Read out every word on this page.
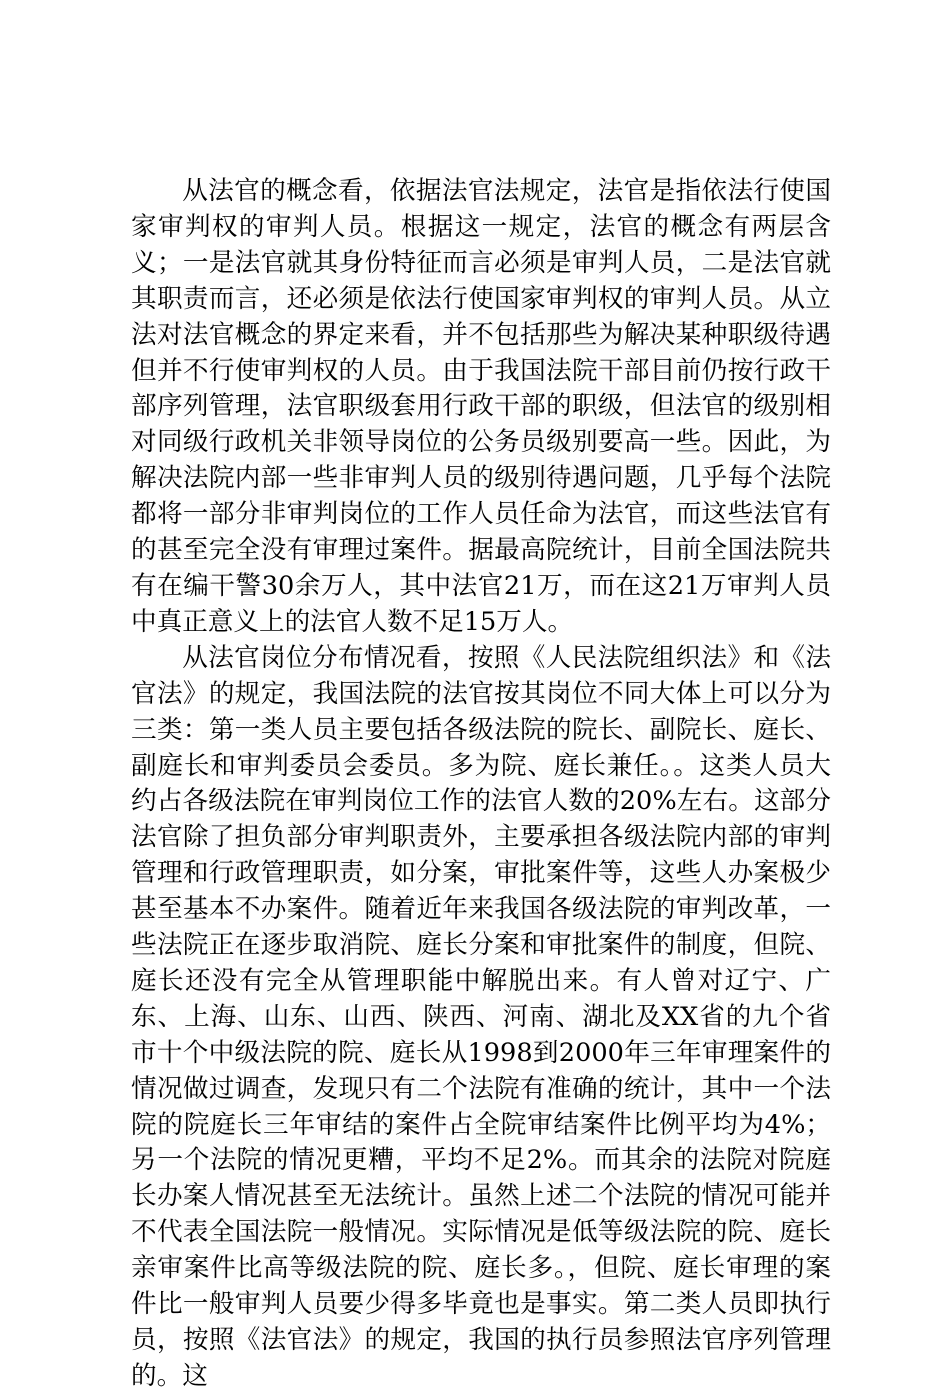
从法官的概念看，依据法官法规定，法官是指依法行使国家审判权的审判人员。根据这一规定，法官的概念有两层含义；一是法官就其身份特征而言必须是审判人员，二是法官就其职责而言，还必须是依法行使国家审判权的审判人员。从立法对法官概念的界定来看，并不包括那些为解决某种职级待遇但并不行使审判权的人员。由于我国法院干部目前仍按行政干部序列管理，法官职级套用行政干部的职级，但法官的级别相对同级行政机关非领导岗位的公务员级别要高一些。因此，为解决法院内部一些非审判人员的级别待遇问题，几乎每个法院都将一部分非审判岗位的工作人员任命为法官，而这些法官有的甚至完全没有审理过案件。据最高院统计，目前全国法院共有在编干警30余万人，其中法官21万，而在这21万审判人员中真正意义上的法官人数不足15万人。

从法官岗位分布情况看，按照《人民法院组织法》和《法官法》的规定，我国法院的法官按其岗位不同大体上可以分为三类：第一类人员主要包括各级法院的院长、副院长、庭长、副庭长和审判委员会委员。多为院、庭长兼任。。这类人员大约占各级法院在审判岗位工作的法官人数的20%左右。这部分法官除了担负部分审判职责外，主要承担各级法院内部的审判管理和行政管理职责，如分案，审批案件等，这些人办案极少甚至基本不办案件。随着近年来我国各级法院的审判改革，一些法院正在逐步取消院、庭长分案和审批案件的制度，但院、庭长还没有完全从管理职能中解脱出来。有人曾对辽宁、广东、上海、山东、山西、陕西、河南、湖北及XX省的九个省市十个中级法院的院、庭长从1998到2000年三年审理案件的情况做过调查，发现只有二个法院有准确的统计，其中一个法院的院庭长三年审结的案件占全院审结案件比例平均为4%；另一个法院的情况更糟，平均不足2%。而其余的法院对院庭长办案人情况甚至无法统计。虽然上述二个法院的情况可能并不代表全国法院一般情况。实际情况是低等级法院的院、庭长亲审案件比高等级法院的院、庭长多。，但院、庭长审理的案件比一般审判人员要少得多毕竟也是事实。第二类人员即执行员，按照《法官法》的规定，我国的执行员参照法官序列管理的。这
